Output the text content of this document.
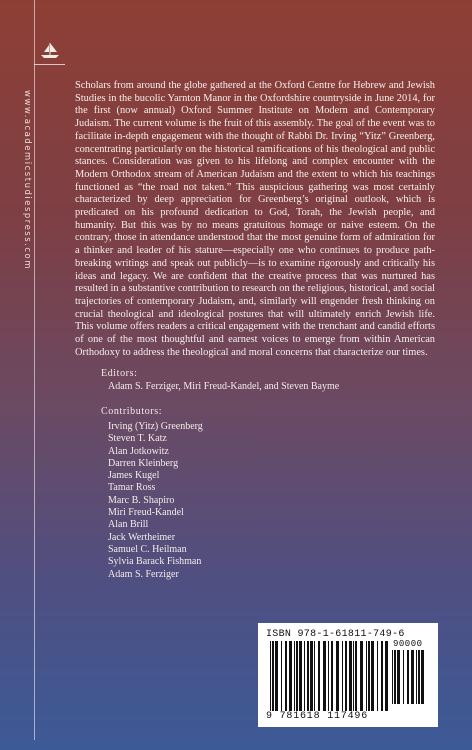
www.academicstudiespress.com
Scholars from around the globe gathered at the Oxford Centre for Hebrew and Jewish Studies in the bucolic Yarnton Manor in the Oxfordshire countryside in June 2014, for the first (now annual) Oxford Summer Institute on Modern and Contemporary Judaism. The current volume is the fruit of this assembly. The goal of the event was to facilitate in-depth engagement with the thought of Rabbi Dr. Irving “Yitz” Greenberg, concentrating particularly on the historical ramifications of his theological and public stances. Consideration was given to his lifelong and complex encounter with the Modern Orthodox stream of American Judaism and the extent to which his teachings functioned as “the road not taken.” This auspicious gathering was most certainly characterized by deep appreciation for Greenberg’s original outlook, which is predicated on his profound dedication to God, Torah, the Jewish people, and humanity. But this was by no means gratuitous homage or naive esteem. On the contrary, those in attendance understood that the most genuine form of admiration for a thinker and leader of his stature—especially one who continues to produce path-breaking writings and speak out publicly—is to examine rigorously and critically his ideas and legacy. We are confident that the creative process that was nurtured has resulted in a substantive contribution to research on the religious, historical, and social trajectories of contemporary Judaism, and, similarly will engender fresh thinking on crucial theological and ideological postures that will ultimately enrich Jewish life. This volume offers readers a critical engagement with the trenchant and candid efforts of one of the most thoughtful and earnest voices to emerge from within American Orthodoxy to address the theological and moral concerns that characterize our times.
Editors:
Adam S. Ferziger, Miri Freud-Kandel, and Steven Bayme
Contributors:
Irving (Yitz) Greenberg
Steven T. Katz
Alan Jotkowitz
Darren Kleinberg
James Kugel
Tamar Ross
Marc B. Shapiro
Miri Freud-Kandel
Alan Brill
Jack Wertheimer
Samuel C. Heilman
Sylvia Barack Fishman
Adam S. Ferziger
ISBN 978-1-61811-749-6
90000
9 781618 117496
